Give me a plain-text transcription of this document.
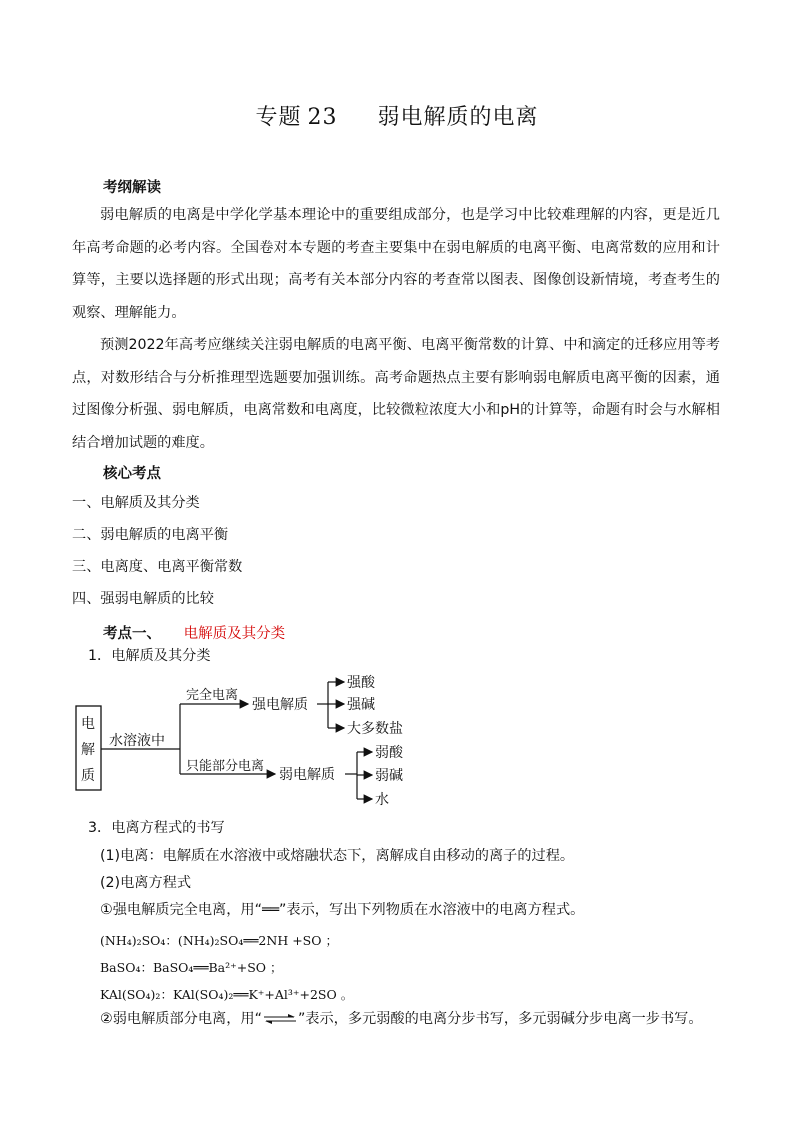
专题 23 弱电解质的电离
考纲解读
弱电解质的电离是中学化学基本理论中的重要组成部分，也是学习中比较难理解的内容，更是近几年高考命题的必考内容。全国卷对本专题的考查主要集中在弱电解质的电离平衡、电离常数的应用和计算等，主要以选择题的形式出现；高考有关本部分内容的考查常以图表、图像创设新情境，考查考生的观察、理解能力。
预测2022年高考应继续关注弱电解质的电离平衡、电离平衡常数的计算、中和滴定的迁移应用等考点，对数形结合与分析推理型选题要加强训练。高考命题热点主要有影响弱电解质电离平衡的因素，通过图像分析强、弱电解质，电离常数和电离度，比较微粒浓度大小和pH的计算等，命题有时会与水解相结合增加试题的难度。
核心考点
一、电解质及其分类
二、弱电解质的电离平衡
三、电离度、电离平衡常数
四、强弱电解质的比较
考点一、 电解质及其分类
1．电解质及其分类
电
解
质
水溶液中
完全电离
强电解质
强酸
强碱
大多数盐
只能部分电离
弱电解质
弱酸
弱碱
水
3．电离方程式的书写
(1)电离：电解质在水溶液中或熔融状态下，离解成自由移动的离子的过程。
(2)电离方程式
①强电解质完全电离，用“══”表示，写出下列物质在水溶液中的电离方程式。
(NH₄)₂SO₄：(NH₄)₂SO₄══2NH +SO ；
BaSO₄：BaSO₄══Ba²⁺+SO ；
KAl(SO₄)₂：KAl(SO₄)₂══K⁺+Al³⁺+2SO 。
②弱电解质部分电离，用“⇌”表示，多元弱酸的电离分步书写，多元弱碱分步电离一步书写。
